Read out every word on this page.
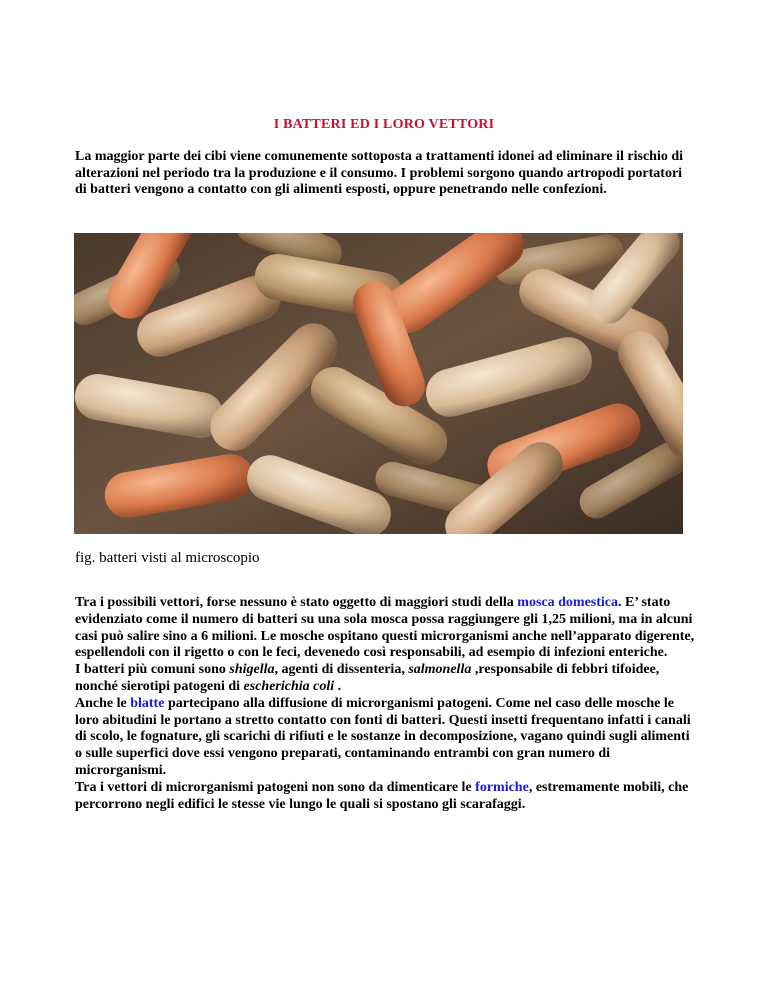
I BATTERI ED I LORO VETTORI

La maggior parte dei cibi viene comunemente sottoposta a trattamenti idonei ad eliminare il rischio di alterazioni nel periodo tra la produzione e il consumo. I problemi sorgono quando artropodi portatori di batteri vengono a contatto con gli alimenti esposti, oppure penetrando nelle confezioni.

fig. batteri visti al microscopio

Tra i possibili vettori, forse nessuno è stato oggetto di maggiori studi della mosca domestica. E’ stato evidenziato come il numero di batteri su una sola mosca possa raggiungere gli 1,25 milioni, ma in alcuni casi può salire sino a 6 milioni. Le mosche ospitano questi microrganismi anche nell’apparato digerente, espellendoli con il rigetto o con le feci, devenedo così responsabili, ad esempio di infezioni enteriche.
I batteri più comuni sono shigella, agenti di dissenteria, salmonella ,responsabile di febbri tifoidee, nonché sierotipi patogeni di escherichia coli .
Anche le blatte partecipano alla diffusione di microrganismi patogeni. Come nel caso delle mosche le loro abitudini le portano a stretto contatto con fonti di batteri. Questi insetti frequentano infatti i canali di scolo, le fognature, gli scarichi di rifiuti e le sostanze in decomposizione, vagano quindi sugli alimenti o sulle superfici dove essi vengono preparati, contaminando entrambi con gran numero di microrganismi.
Tra i vettori di microrganismi patogeni non sono da dimenticare le formiche, estremamente mobili, che percorrono negli edifici le stesse vie lungo le quali si spostano gli scarafaggi.
